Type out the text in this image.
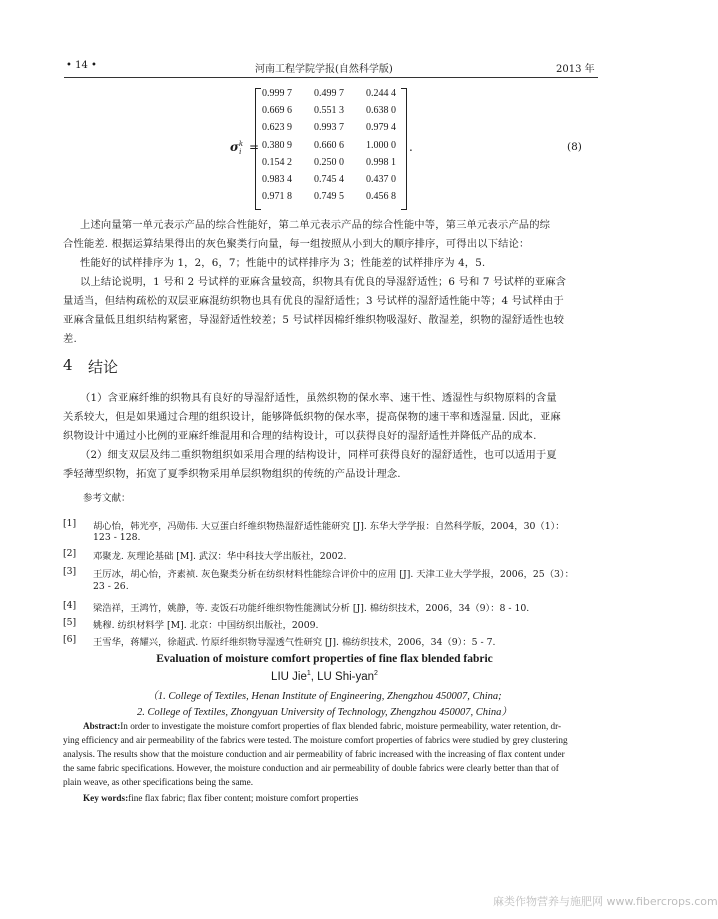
• 14 •	河南工程学院学报(自然科学版)	2013 年
$\sigma^k_i$ =
0.999 7 0.499 7 0.244 4
0.669 6 0.551 3 0.638 0
0.623 9 0.993 7 0.979 4
0.380 9 0.660 6 1.000 0
0.154 2 0.250 0 0.998 1
0.983 4 0.745 4 0.437 0
0.971 8 0.749 5 0.456 8
.	(8)
上述向量第一单元表示产品的综合性能好，第二单元表示产品的综合性能中等，第三单元表示产品的综
合性能差. 根据运算结果得出的灰色聚类行向量，每一组按照从小到大的顺序排序，可得出以下结论：
性能好的试样排序为 1，2，6，7；性能中的试样排序为 3；性能差的试样排序为 4，5.
以上结论说明，1 号和 2 号试样的亚麻含量较高，织物具有优良的导湿舒适性；6 号和 7 号试样的亚麻含
量适当，但结构疏松的双层亚麻混纺织物也具有优良的湿舒适性；3 号试样的湿舒适性能中等；4 号试样由于
亚麻含量低且组织结构紧密，导湿舒适性较差；5 号试样因棉纤维织物吸湿好、散湿差，织物的湿舒适性也较
差.
4 结论
（1）含亚麻纤维的织物具有良好的导湿舒适性，虽然织物的保水率、速干性、透湿性与织物原料的含量
关系较大，但是如果通过合理的组织设计，能够降低织物的保水率，提高保物的速干率和透湿量. 因此，亚麻
织物设计中通过小比例的亚麻纤维混用和合理的结构设计，可以获得良好的湿舒适性并降低产品的成本.
（2）细支双层及纬二重织物组织如采用合理的结构设计，同样可获得良好的湿舒适性，也可以适用于夏
季轻薄型织物，拓宽了夏季织物采用单层织物组织的传统的产品设计理念.
参考文献：
[1] 胡心怡，韩光亭，冯勋伟. 大豆蛋白纤维织物热湿舒适性能研究 [J]. 东华大学学报：自然科学版，2004，30（1）：
123 - 128.
[2] 邓聚龙. 灰理论基础 [M]. 武汉：华中科技大学出版社，2002.
[3] 王厉冰，胡心怡，齐素祯. 灰色聚类分析在纺织材料性能综合评价中的应用 [J]. 天津工业大学学报，2006，25（3）：
23 - 26.
[4] 梁浩祥，王鸿竹，姚静，等. 麦饭石功能纤维织物性能测试分析 [J]. 棉纺织技术，2006，34（9）：8 - 10.
[5] 姚穆. 纺织材料学 [M]. 北京：中国纺织出版社，2009.
[6] 王雪华，蒋耀兴，徐超武. 竹原纤维织物导湿透气性研究 [J]. 棉纺织技术，2006，34（9）：5 - 7.
Evaluation of moisture comfort properties of fine flax blended fabric
LIU Jie$^1$, LU Shi-yan$^2$
（1. College of Textiles, Henan Institute of Engineering, Zhengzhou 450007, China;
2. College of Textiles, Zhongyuan University of Technology, Zhengzhou 450007, China）
Abstract:In order to investigate the moisture comfort properties of flax blended fabric, moisture permeability, water retention, dr-
ying efficiency and air permeability of the fabrics were tested. The moisture comfort properties of fabrics were studied by grey clustering
analysis. The results show that the moisture conduction and air permeability of fabric increased with the increasing of flax content under
the same fabric specifications. However, the moisture conduction and air permeability of double fabrics were clearly better than that of
plain weave, as other specifications being the same.
Key words:fine flax fabric; flax fiber content; moisture comfort properties
麻类作物营养与施肥网 www.fibercrops.com
